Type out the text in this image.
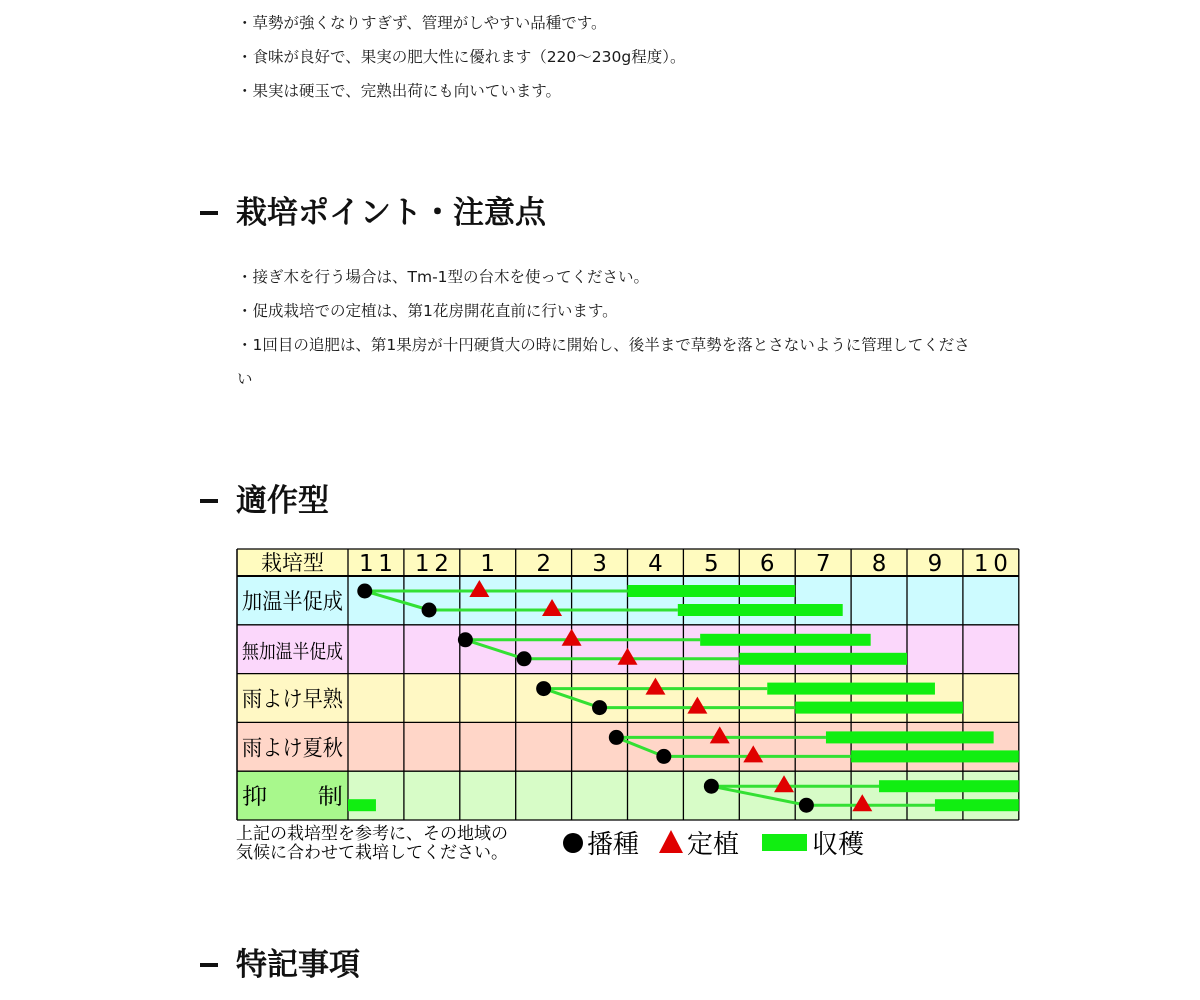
・草勢が強くなりすぎず、管理がしやすい品種です。
・食味が良好で、果実の肥大性に優れます（220〜230g程度）。
・果実は硬玉で、完熟出荷にも向いています。
栽培ポイント・注意点
・接ぎ木を行う場合は、Tm-1型の台木を使ってください。
・促成栽培での定植は、第1花房開花直前に行います。
・1回目の追肥は、第1果房が十円硬貨大の時に開始し、後半まで草勢を落とさないように管理してくださ
い
適作型
栽培型 11 12 1 2 3 4 5 6 7 8 9 10
加温半促成
無加温半促成
雨よけ早熟
雨よけ夏秋
抑　　制
上記の栽培型を参考に、その地域の
気候に合わせて栽培してください。	播種 定植	収穫
特記事項
